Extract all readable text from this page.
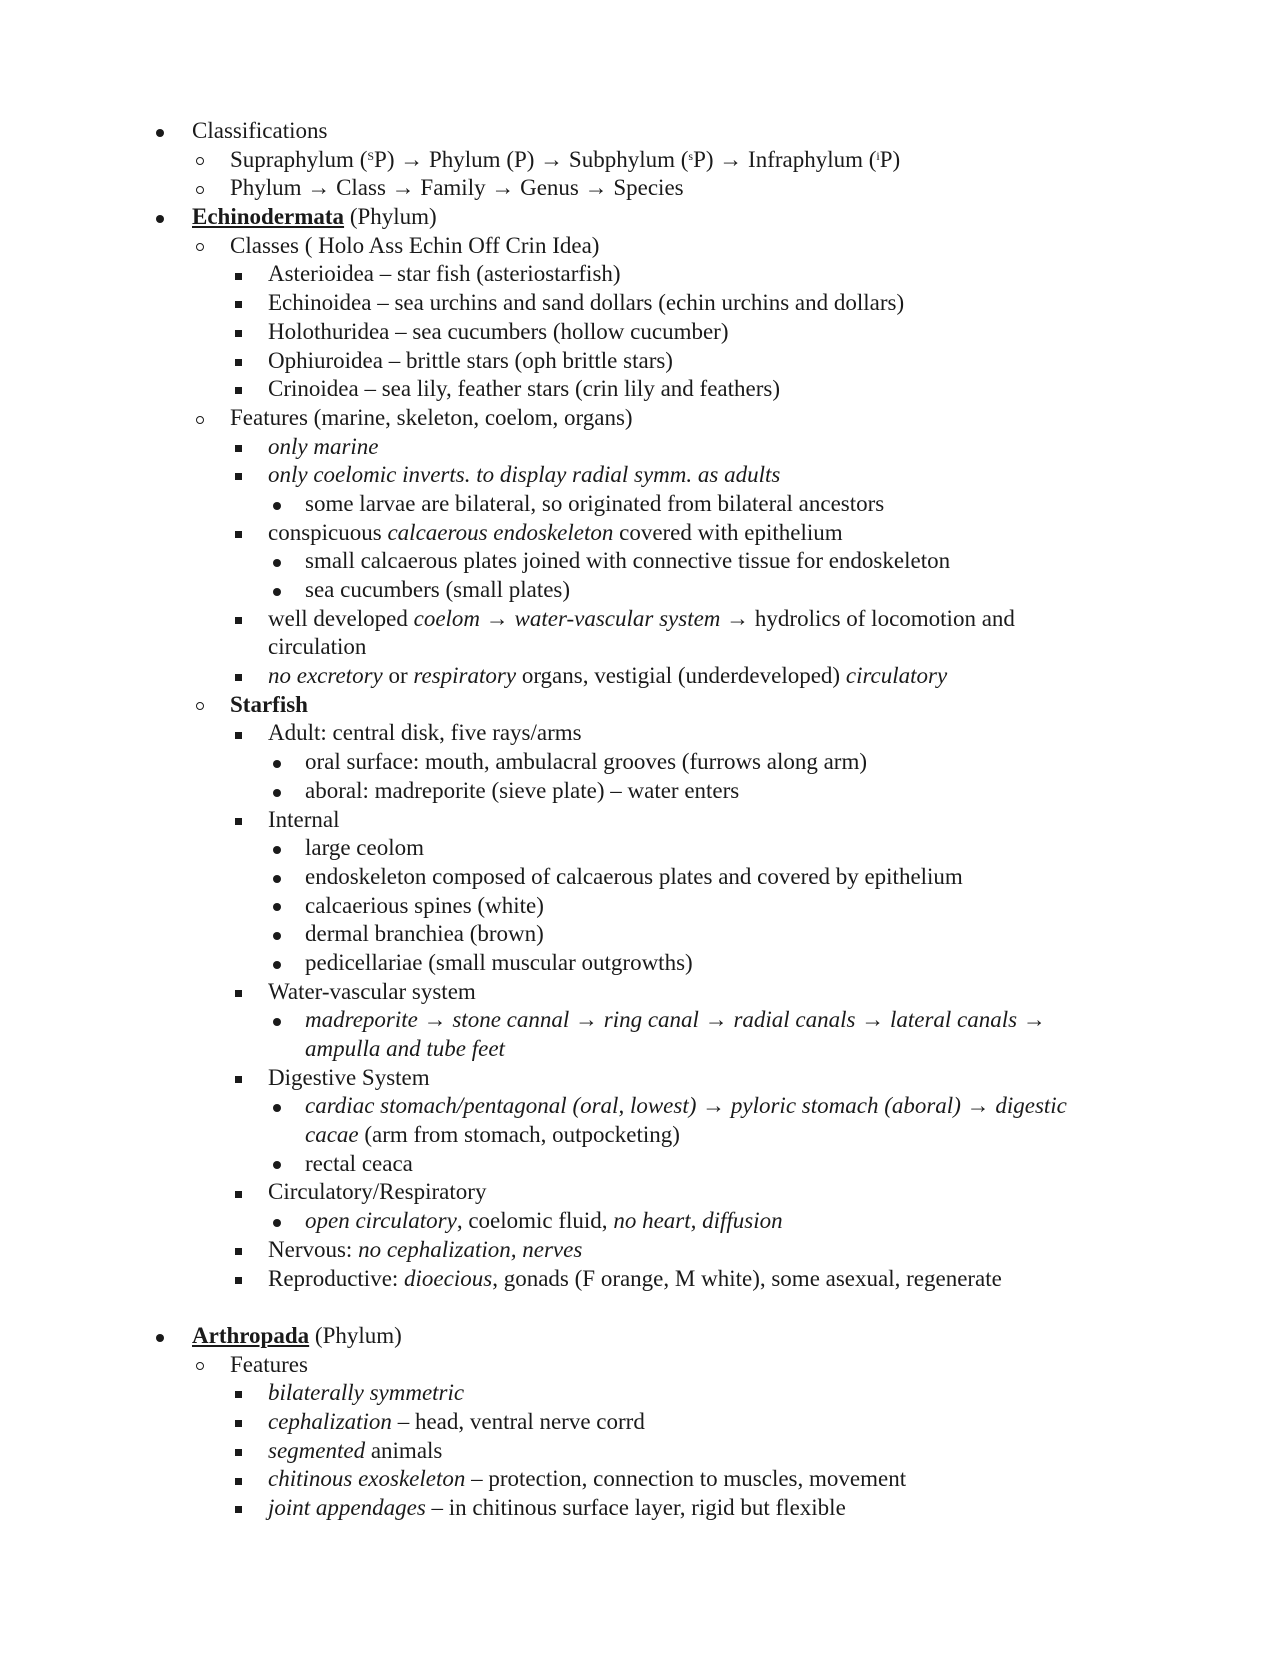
Classifications
Supraphylum ($^S$P) → Phylum (P) → Subphylum ($^s$P) → Infraphylum ($^i$P)
Phylum → Class → Family → Genus → Species
Echinodermata (Phylum)
Classes ( Holo Ass Echin Off Crin Idea)
Asterioidea – star fish (asteriostarfish)
Echinoidea – sea urchins and sand dollars (echin urchins and dollars)
Holothuridea – sea cucumbers (hollow cucumber)
Ophiuroidea – brittle stars (oph brittle stars)
Crinoidea – sea lily, feather stars (crin lily and feathers)
Features (marine, skeleton, coelom, organs)
only marine
only coelomic inverts. to display radial symm. as adults
some larvae are bilateral, so originated from bilateral ancestors
conspicuous calcaerous endoskeleton covered with epithelium
small calcaerous plates joined with connective tissue for endoskeleton
sea cucumbers (small plates)
well developed coelom → water-vascular system → hydrolics of locomotion and
circulation
no excretory or respiratory organs, vestigial (underdeveloped) circulatory
Starfish
Adult: central disk, five rays/arms
oral surface: mouth, ambulacral grooves (furrows along arm)
aboral: madreporite (sieve plate) – water enters
Internal
large ceolom
endoskeleton composed of calcaerous plates and covered by epithelium
calcaerious spines (white)
dermal branchiea (brown)
pedicellariae (small muscular outgrowths)
Water-vascular system
madreporite → stone cannal → ring canal → radial canals → lateral canals →
ampulla and tube feet
Digestive System
cardiac stomach/pentagonal (oral, lowest) → pyloric stomach (aboral) → digestic
cacae (arm from stomach, outpocketing)
rectal ceaca
Circulatory/Respiratory
open circulatory, coelomic fluid, no heart, diffusion
Nervous: no cephalization, nerves
Reproductive: dioecious, gonads (F orange, M white), some asexual, regenerate
Arthropada (Phylum)
Features
bilaterally symmetric
cephalization – head, ventral nerve corrd
segmented animals
chitinous exoskeleton – protection, connection to muscles, movement
joint appendages – in chitinous surface layer, rigid but flexible
